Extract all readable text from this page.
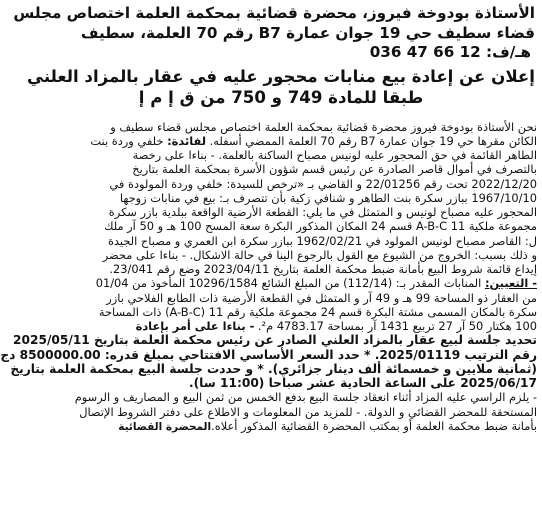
الأستاذة بودوخة فيروز، محضرة قضائية بمحكمة العلمة اختصاص مجلس
قضاء سطيف حي 19 جوان عمارة B7 رقم 70 العلمة، سطيف
هـ/ف: 036 47 66 12
إعلان عن إعادة بيع منابات محجور عليه في عقار بالمزاد العلني
طبقا للمادة 749 و 750 من ق إ م إ
نحن الأستاذة بودوخة فيروز محضرة قضائية بمحكمة العلمة اختصاص مجلس قضاء سطيف و
الكائن مقرها حي 19 جوان عمارة B7 رقم 70 العلمة الممضي أسفله. لفائدة: خلفي وردة بنت
الطاهر القائمة في حق المحجور عليه لونيس مصباح الساكنة بالعلمة. - بناءا على رخصة
بالتصرف في أموال قاصر الصادرة عن رئيس قسم شؤون الأسرة بمحكمة العلمة بتاريخ
2022/12/20 تحت رقم 22/01256 و القاضي بـ «ترخص للسيدة: خلفي وردة المولودة في
1967/10/10 ببازر سكرة بنت الطاهر و شنافي زكية بأن تتصرف بـ: بيع في منابات زوجها
المحجور عليه مصباح لونيس و المتمثل في ما يلي: القطعة الأرضية الواقعة ببلدية بازر سكرة
مجموعة ملكية 11 A-B-C قسم 24 المكان المذكور البكرة سعة المسح 100 هـ و 50 آر ملك
ل: القاصر مصباح لونيس المولود في 1962/02/21 ببازر سكرة ابن العمري و مصباح الجيدة
و ذلك بسبب: الخروج من الشيوع مع القول بالرجوع الينا في حالة الاشكال. - بناءا على محضر
إيداع قائمة شروط البيع بأمانة ضبط محكمة العلمة بتاريخ 2023/04/11 وضع رقم 23/041.
- التعيين: المنابات المقدر بـ: (112/14) من المبلغ الشائع 10296/1584 المأخوذ من 01/04
من العقار ذو المساحة 99 هـ و 49 آر و المتمثل في القطعة الأرضية ذات الطابع الفلاحي بازر
سكرة بالمكان المسمى مشتة البكرة قسم 24 مجموعة ملكية رقم 11 (A-B-C) ذات المساحة
100 هكتار 50 آر 27 تربيع 1431 آر بمساحة 4783.17 م². - بناءا على أمر بإعادة
تحديد جلسة لبيع عقار بالمزاد العلني الصادر عن رئيس محكمة العلمة بتاريخ 2025/05/11
رقم الترتيب 2025/01119. * حدد السعر الأساسي الافتتاحي بمبلغ قدره: 8500000.00 دج
(ثمانية ملايين و خمسمائة ألف دينار جزائري). * و حددت جلسة البيع بمحكمة العلمة بتاريخ
2025/06/17 على الساعة الحادية عشر صباحا (11:00 سا).
- يلزم الراسي عليه المزاد أثناء انعقاد جلسة البيع بدفع الخمس من ثمن البيع و المصاريف و الرسوم
المستحقة للمحضر القضائي و الدولة. - للمزيد من المعلومات و الاطلاع على دفتر الشروط الإتصال
بأمانة ضبط محكمة العلمة أو بمكتب المحضرة القضائية المذكور أعلاه.المحضرة القضائية
